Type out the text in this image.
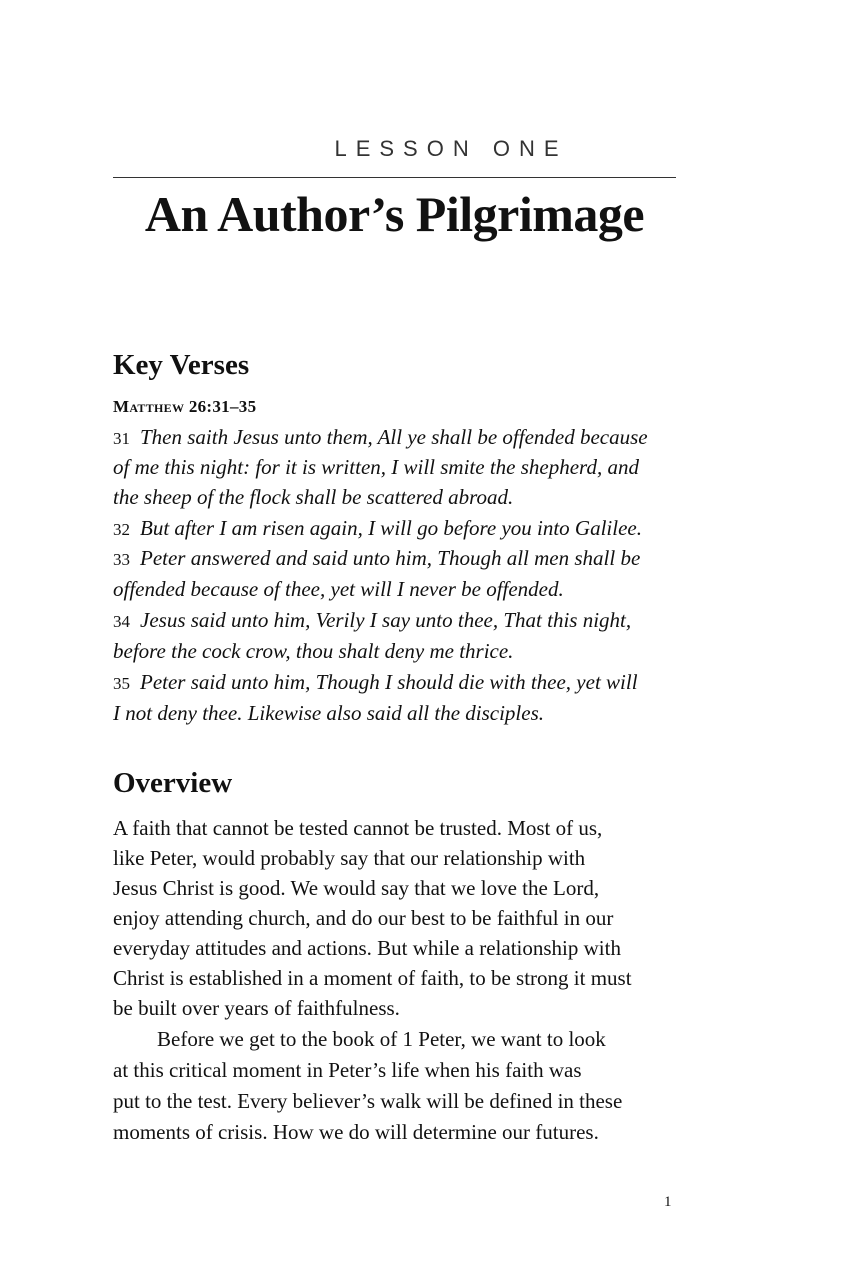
LESSON ONE
An Author’s Pilgrimage
Key Verses
Matthew 26:31–35
31 Then saith Jesus unto them, All ye shall be offended because
of me this night: for it is written, I will smite the shepherd, and
the sheep of the flock shall be scattered abroad.
32 But after I am risen again, I will go before you into Galilee.
33 Peter answered and said unto him, Though all men shall be
offended because of thee, yet will I never be offended.
34 Jesus said unto him, Verily I say unto thee, That this night,
before the cock crow, thou shalt deny me thrice.
35 Peter said unto him, Though I should die with thee, yet will
I not deny thee. Likewise also said all the disciples.
Overview
A faith that cannot be tested cannot be trusted. Most of us,
like Peter, would probably say that our relationship with
Jesus Christ is good. We would say that we love the Lord,
enjoy attending church, and do our best to be faithful in our
everyday attitudes and actions. But while a relationship with
Christ is established in a moment of faith, to be strong it must
be built over years of faithfulness.
Before we get to the book of 1 Peter, we want to look
at this critical moment in Peter’s life when his faith was
put to the test. Every believer’s walk will be defined in these
moments of crisis. How we do will determine our futures.
1
